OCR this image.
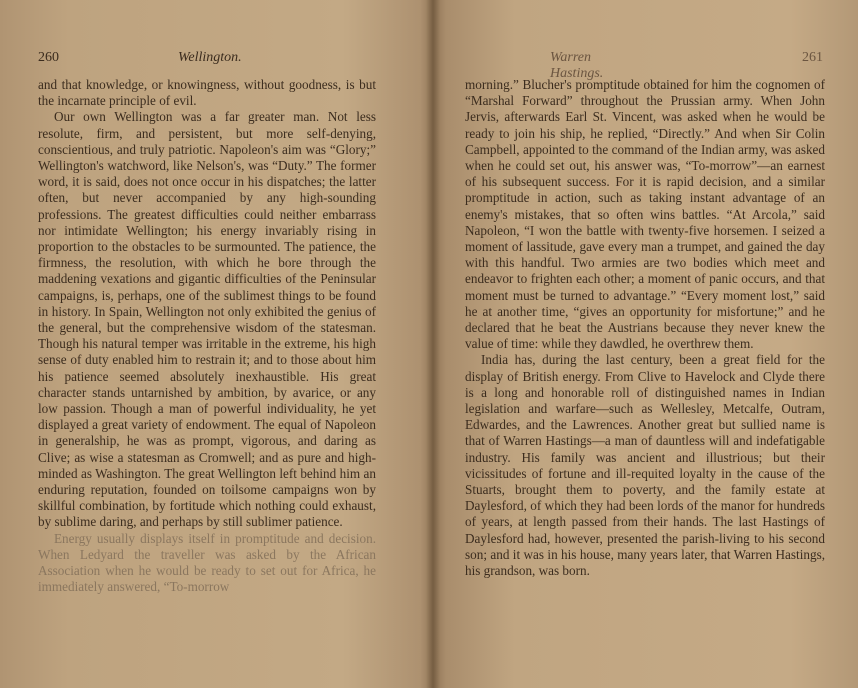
260	Wellington.

and that knowledge, or knowingness, without goodness, is but the incarnate principle of evil.

Our own Wellington was a far greater man. Not less resolute, firm, and persistent, but more self-denying, conscientious, and truly patriotic. Napoleon's aim was “Glory;” Wellington's watchword, like Nelson's, was “Duty.” The former word, it is said, does not once occur in his dispatches; the latter often, but never accompanied by any high-sounding professions. The greatest difficulties could neither embarrass nor intimidate Wellington; his energy invariably rising in proportion to the obstacles to be surmounted. The patience, the firmness, the resolution, with which he bore through the maddening vexations and gigantic difficulties of the Peninsular campaigns, is, perhaps, one of the sublimest things to be found in history. In Spain, Wellington not only exhibited the genius of the general, but the comprehensive wisdom of the statesman. Though his natural temper was irritable in the extreme, his high sense of duty enabled him to restrain it; and to those about him his patience seemed absolutely inexhaustible. His great character stands untarnished by ambition, by avarice, or any low passion. Though a man of powerful individuality, he yet displayed a great variety of endowment. The equal of Napoleon in generalship, he was as prompt, vigorous, and daring as Clive; as wise a statesman as Cromwell; and as pure and high-minded as Washington. The great Wellington left behind him an enduring reputation, founded on toilsome campaigns won by skillful combination, by fortitude which nothing could exhaust, by sublime daring, and perhaps by still sublimer patience.

Energy usually displays itself in promptitude and decision. When Ledyard the traveller was asked by the African Association when he would be ready to set out for Africa, he immediately answered, “To-morrow

Warren Hastings.
261

morning.” Blucher's promptitude obtained for him the cognomen of “Marshal Forward” throughout the Prussian army. When John Jervis, afterwards Earl St. Vincent, was asked when he would be ready to join his ship, he replied, “Directly.” And when Sir Colin Campbell, appointed to the command of the Indian army, was asked when he could set out, his answer was, “To-morrow”—an earnest of his subsequent success. For it is rapid decision, and a similar promptitude in action, such as taking instant advantage of an enemy's mistakes, that so often wins battles. “At Arcola,” said Napoleon, “I won the battle with twenty-five horsemen. I seized a moment of lassitude, gave every man a trumpet, and gained the day with this handful. Two armies are two bodies which meet and endeavor to frighten each other; a moment of panic occurs, and that moment must be turned to advantage.” “Every moment lost,” said he at another time, “gives an opportunity for misfortune;” and he declared that he beat the Austrians because they never knew the value of time: while they dawdled, he overthrew them.

India has, during the last century, been a great field for the display of British energy. From Clive to Havelock and Clyde there is a long and honorable roll of distinguished names in Indian legislation and warfare—such as Wellesley, Metcalfe, Outram, Edwardes, and the Lawrences. Another great but sullied name is that of Warren Hastings—a man of dauntless will and indefatigable industry. His family was ancient and illustrious; but their vicissitudes of fortune and ill-requited loyalty in the cause of the Stuarts, brought them to poverty, and the family estate at Daylesford, of which they had been lords of the manor for hundreds of years, at length passed from their hands. The last Hastings of Daylesford had, however, presented the parish-living to his second son; and it was in his house, many years later, that Warren Hastings, his grandson, was born.
